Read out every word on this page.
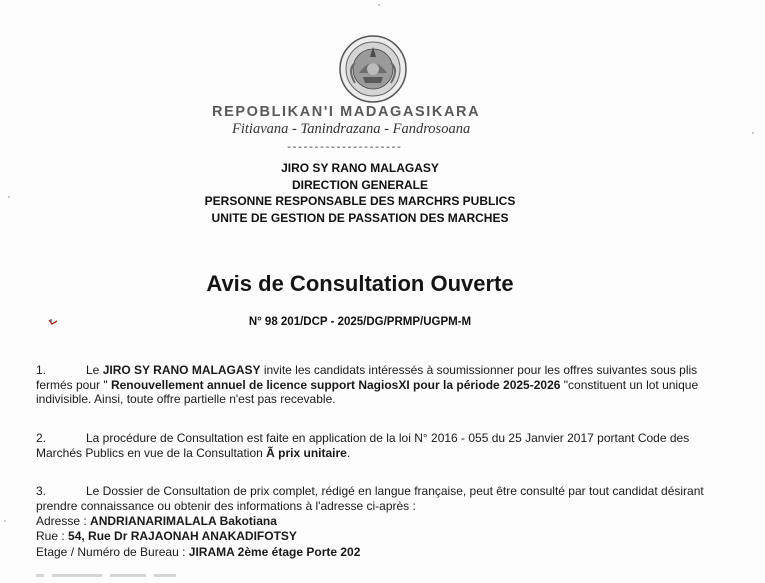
REPOBLIKAN'I MADAGASIKARA
Fitiavana - Tanindrazana - Fandrosoana
---------------------
JIRO SY RANO MALAGASY
DIRECTION GENERALE
PERSONNE RESPONSABLE DES MARCHRS PUBLICS
UNITE DE GESTION DE PASSATION DES MARCHES
Avis de Consultation Ouverte
N° 98 201/DCP - 2025/DG/PRMP/UGPM-M
1.	Le JIRO SY RANO MALAGASY invite les candidats intéressés à soumissionner pour les offres suivantes sous plis fermés pour " Renouvellement annuel de licence support NagiosXI pour la période 2025-2026 "constituent un lot unique indivisible. Ainsi, toute offre partielle n'est pas recevable.
2.	La procédure de Consultation est faite en application de la loi N° 2016 - 055 du 25 Janvier 2017 portant Code des Marchés Publics en vue de la Consultation Ã prix unitaire.
3.	Le Dossier de Consultation de prix complet, rédigé en langue française, peut être consulté par tout candidat désirant prendre connaissance ou obtenir des informations à l'adresse ci-après :
Adresse : ANDRIANARIMALALA Bakotiana
Rue : 54, Rue Dr RAJAONAH ANAKADIFOTSY
Etage / Numéro de Bureau : JIRAMA 2ème étage Porte 202
